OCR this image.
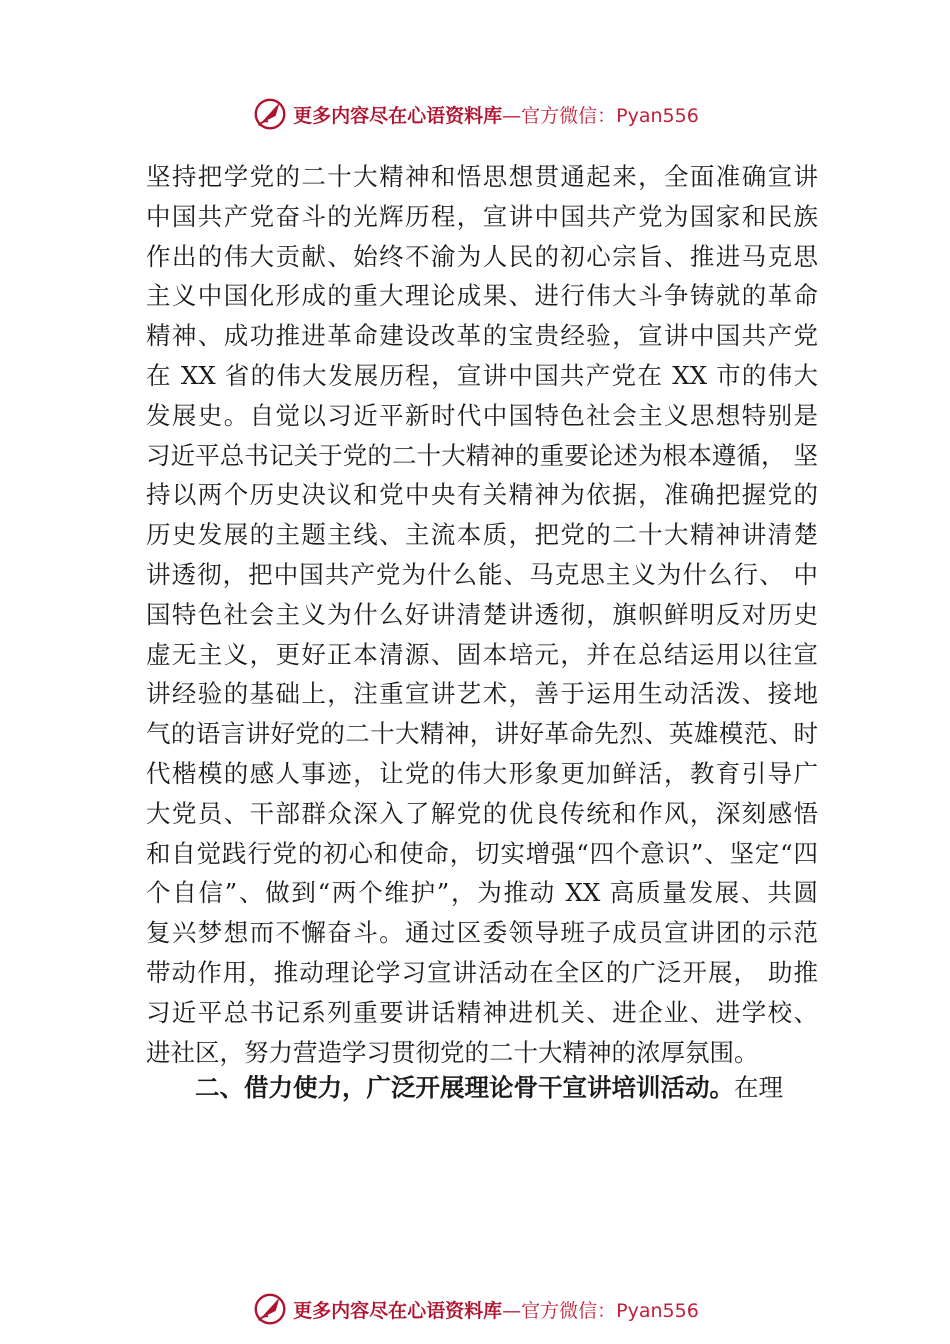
更多内容尽在心语资料库 —官方微信：Pyan556
坚持把学党的二十大精神和悟思想贯通起来，全面准确宣讲
中国共产党奋斗的光辉历程，宣讲中国共产党为国家和民族
作出的伟大贡献、始终不渝为人民的初心宗旨、推进马克思
主义中国化形成的重大理论成果、进行伟大斗争铸就的革命
精神、成功推进革命建设改革的宝贵经验，宣讲中国共产党
在 XX 省的伟大发展历程，宣讲中国共产党在 XX 市的伟大
发展史。自觉以习近平新时代中国特色社会主义思想特别是
习近平总书记关于党的二十大精神的重要论述为根本遵循， 坚
持以两个历史决议和党中央有关精神为依据，准确把握党的
历史发展的主题主线、主流本质，把党的二十大精神讲清楚
讲透彻，把中国共产党为什么能、马克思主义为什么行、 中
国特色社会主义为什么好讲清楚讲透彻，旗帜鲜明反对历史
虚无主义，更好正本清源、固本培元，并在总结运用以往宣
讲经验的基础上，注重宣讲艺术，善于运用生动活泼、接地
气的语言讲好党的二十大精神，讲好革命先烈、英雄模范、时
代楷模的感人事迹，让党的伟大形象更加鲜活，教育引导广
大党员、干部群众深入了解党的优良传统和作风，深刻感悟
和自觉践行党的初心和使命，切实增强“四个意识”、坚定“四
个自信”、做到“两个维护”，为推动 XX 高质量发展、共圆
复兴梦想而不懈奋斗。通过区委领导班子成员宣讲团的示范
带动作用，推动理论学习宣讲活动在全区的广泛开展， 助推
习近平总书记系列重要讲话精神进机关、进企业、进学校、
进社区，努力营造学习贯彻党的二十大精神的浓厚氛围。
二、借力使力，广泛开展理论骨干宣讲培训活动。在理
更多内容尽在心语资料库 —官方微信：Pyan556
